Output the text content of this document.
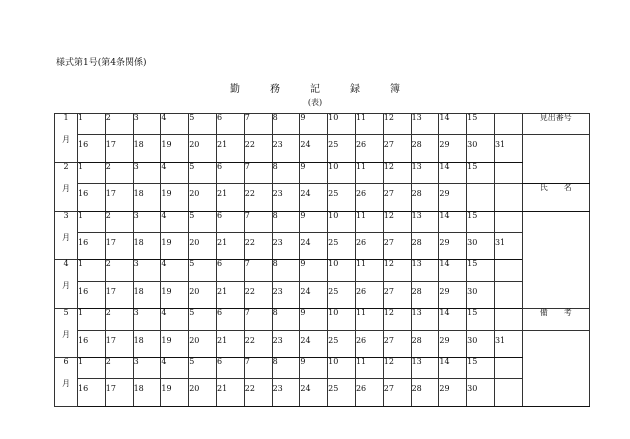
様式第1号(第4条関係)
勤	務	記	録	簿
(表)
1
月	1	2	3	4	5	6	7	8	9	10	11	12	13	14	15		見出番号
	16	17	18	19	20	21	22	23	24	25	26	27	28	29	30	31	

2
月	1	2	3	4	5	6	7	8	9	10	11	12	13	14	15		
	16	17	18	19	20	21	22	23	24	25	26	27	28	29			氏　　名

3
月	1	2	3	4	5	6	7	8	9	10	11	12	13	14	15		
	16	17	18	19	20	21	22	23	24	25	26	27	28	29	30	31	

4
月	1	2	3	4	5	6	7	8	9	10	11	12	13	14	15		
	16	17	18	19	20	21	22	23	24	25	26	27	28	29	30		

5
月	1	2	3	4	5	6	7	8	9	10	11	12	13	14	15		備　　考
	16	17	18	19	20	21	22	23	24	25	26	27	28	29	30	31	

6
月	1	2	3	4	5	6	7	8	9	10	11	12	13	14	15		
	16	17	18	19	20	21	22	23	24	25	26	27	28	29	30		
